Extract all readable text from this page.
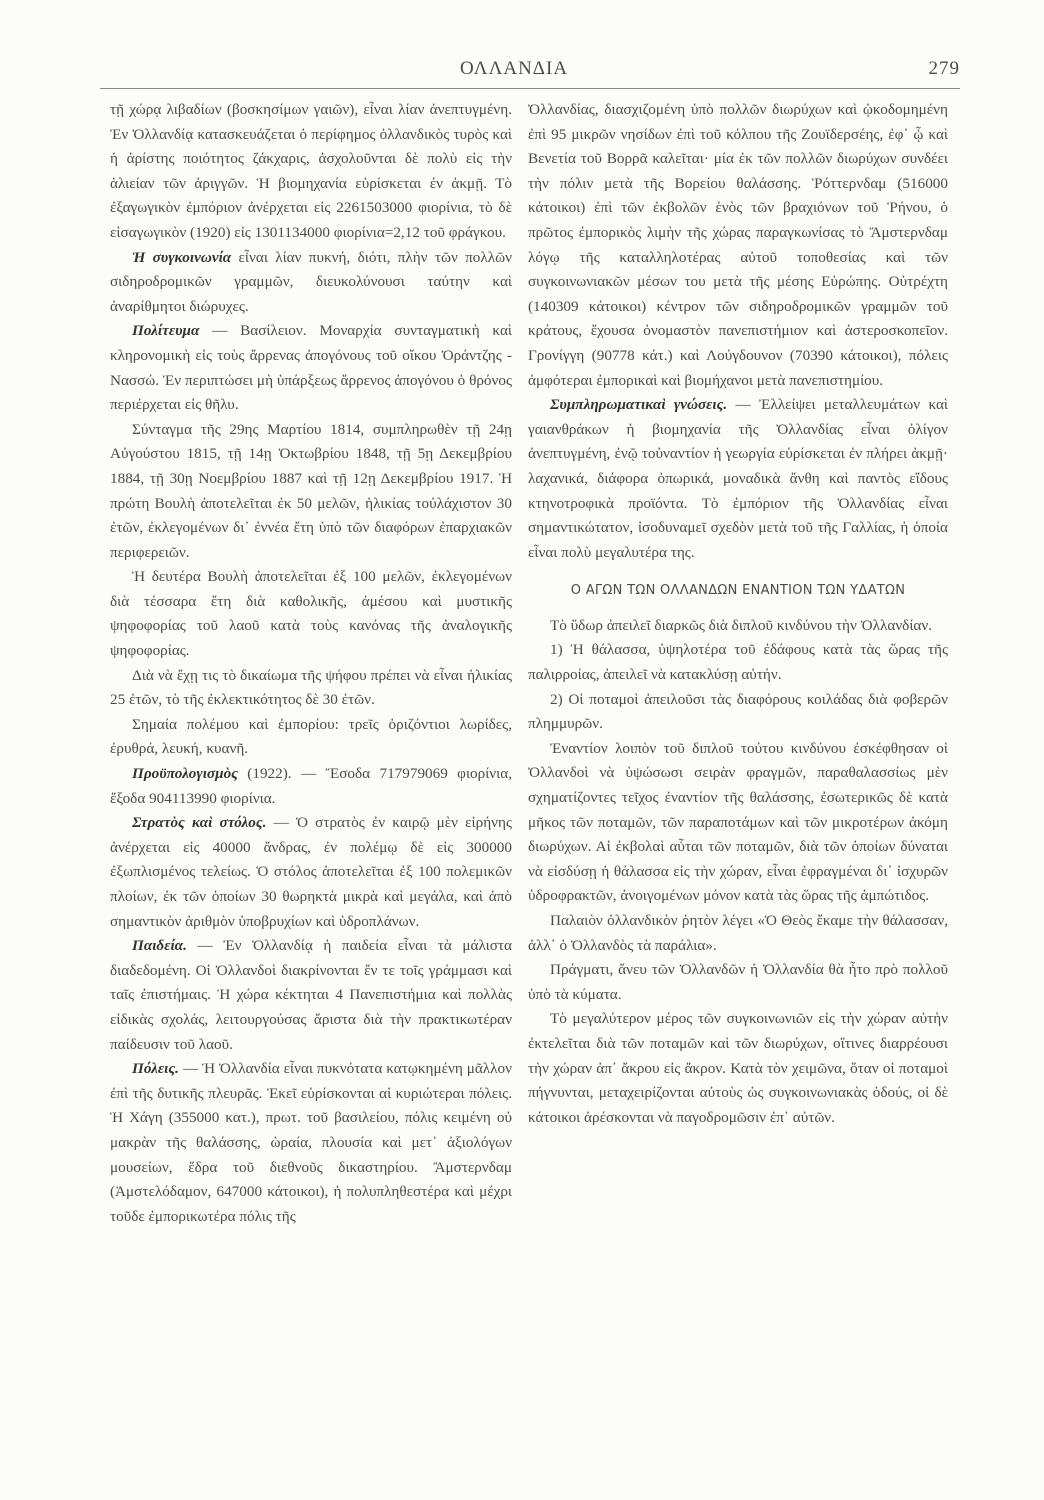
ΟΛΛΑΝΔΙΑ	279

τῇ χώρᾳ λιβαδίων (βοσκησίμων γαιῶν), εἶναι λίαν ἀνεπτυγμένη. Ἐν Ὀλλανδίᾳ κατασκευάζεται ὁ περίφημος ὀλλανδικὸς τυρὸς καὶ ἡ ἀρίστης ποιότητος ζάκχαρις, ἀσχολοῦνται δὲ πολὺ εἰς τὴν ἁλιείαν τῶν ἀριγγῶν. Ἡ βιομηχανία εὑρίσκεται ἐν ἀκμῇ. Τὸ ἐξαγωγικὸν ἐμπόριον ἀνέρχεται εἰς 2261503000 φιορίνια, τὸ δὲ εἰσαγωγικὸν (1920) εἰς 1301134000 φιορίνια=2,12 τοῦ φράγκου.

Ἡ συγκοινωνία εἶναι λίαν πυκνή, διότι, πλὴν τῶν πολλῶν σιδηροδρομικῶν γραμμῶν, διευκολύνουσι ταύτην καὶ ἀναρίθμητοι διώρυχες.

Πολίτευμα — Βασίλειον. Μοναρχία συνταγματικὴ καὶ κληρονομικὴ εἰς τοὺς ἄρρενας ἀπογόνους τοῦ οἴκου Ὀράντζης - Νασσώ. Ἐν περιπτώσει μὴ ὑπάρξεως ἄρρενος ἀπογόνου ὁ θρόνος περιέρχεται εἰς θῆλυ.

Σύνταγμα τῆς 29ης Μαρτίου 1814, συμπληρωθὲν τῇ 24ῃ Αὐγούστου 1815, τῇ 14ῃ Ὀκτωβρίου 1848, τῇ 5ῃ Δεκεμβρίου 1884, τῇ 30ῃ Νοεμβρίου 1887 καὶ τῇ 12ῃ Δεκεμβρίου 1917. Ἡ πρώτη Βουλὴ ἀποτελεῖται ἐκ 50 μελῶν, ἡλικίας τοὐλάχιστον 30 ἐτῶν, ἐκλεγομένων δι᾽ ἐννέα ἔτη ὑπὸ τῶν διαφόρων ἐπαρχιακῶν περιφερειῶν.

Ἡ δευτέρα Βουλὴ ἀποτελεῖται ἐξ 100 μελῶν, ἐκλεγομένων διὰ τέσσαρα ἔτη διὰ καθολικῆς, ἀμέσου καὶ μυστικῆς ψηφοφορίας τοῦ λαοῦ κατὰ τοὺς κανόνας τῆς ἀναλογικῆς ψηφοφορίας.

Διὰ νὰ ἔχῃ τις τὸ δικαίωμα τῆς ψήφου πρέπει νὰ εἶναι ἡλικίας 25 ἐτῶν, τὸ τῆς ἐκλεκτικότητος δὲ 30 ἐτῶν.

Σημαία πολέμου καὶ ἐμπορίου: τρεῖς ὁριζόντιοι λωρίδες, ἐρυθρά, λευκή, κυανῆ.

Προϋπολογισμὸς (1922). — Ἔσοδα 717979069 φιορίνια, ἔξοδα 904113990 φιορίνια.

Στρατὸς καὶ στόλος. — Ὁ στρατὸς ἐν καιρῷ μὲν εἰρήνης ἀνέρχεται εἰς 40000 ἄνδρας, ἐν πολέμῳ δὲ εἰς 300000 ἐξωπλισμένος τελείως. Ὁ στόλος ἀποτελεῖται ἐξ 100 πολεμικῶν πλοίων, ἐκ τῶν ὁποίων 30 θωρηκτὰ μικρὰ καὶ μεγάλα, καὶ ἀπὸ σημαντικὸν ἀριθμὸν ὑποβρυχίων καὶ ὑδροπλάνων.

Παιδεία. — Ἐν Ὀλλανδίᾳ ἡ παιδεία εἶναι τὰ μάλιστα διαδεδομένη. Οἱ Ὀλλανδοὶ διακρίνονται ἔν τε τοῖς γράμμασι καὶ ταῖς ἐπιστήμαις. Ἡ χώρα κέκτηται 4 Πανεπιστήμια καὶ πολλὰς εἰδικὰς σχολάς, λειτουργούσας ἄριστα διὰ τὴν πρακτικωτέραν παίδευσιν τοῦ λαοῦ.

Πόλεις. — Ἡ Ὀλλανδία εἶναι πυκνότατα κατῳκημένη μᾶλλον ἐπὶ τῆς δυτικῆς πλευρᾶς. Ἐκεῖ εὑρίσκονται αἱ κυριώτεραι πόλεις. Ἡ Χάγη (355000 κατ.), πρωτ. τοῦ βασιλείου, πόλις κειμένη οὐ μακρὰν τῆς θαλάσσης, ὡραία, πλουσία καὶ μετ᾽ ἀξιολόγων μουσείων, ἕδρα τοῦ διεθνοῦς δικαστηρίου. Ἄμστερνδαμ (Ἀμστελόδαμον, 647000 κάτοικοι), ἡ πολυπληθεστέρα καὶ μέχρι τοῦδε ἐμπορικωτέρα πόλις τῆς

Ὀλλανδίας, διασχιζομένη ὑπὸ πολλῶν διωρύχων καὶ ᾠκοδομημένη ἐπὶ 95 μικρῶν νησίδων ἐπὶ τοῦ κόλπου τῆς Ζουϊδερσέης, ἐφ᾽ ᾧ καὶ Βενετία τοῦ Βορρᾶ καλεῖται· μία ἐκ τῶν πολλῶν διωρύχων συνδέει τὴν πόλιν μετὰ τῆς Βορείου θαλάσσης. Ῥόττερνδαμ (516000 κάτοικοι) ἐπὶ τῶν ἐκβολῶν ἑνὸς τῶν βραχιόνων τοῦ Ῥήνου, ὁ πρῶτος ἐμπορικὸς λιμὴν τῆς χώρας παραγκωνίσας τὸ Ἄμστερνδαμ λόγῳ τῆς καταλληλοτέρας αὐτοῦ τοποθεσίας καὶ τῶν συγκοινωνιακῶν μέσων του μετὰ τῆς μέσης Εὐρώπης. Οὐτρέχτη (140309 κάτοικοι) κέντρον τῶν σιδηροδρομικῶν γραμμῶν τοῦ κράτους, ἔχουσα ὀνομαστὸν πανεπιστήμιον καὶ ἀστεροσκοπεῖον. Γρονίγγη (90778 κάτ.) καὶ Λούγδουνον (70390 κάτοικοι), πόλεις ἀμφότεραι ἐμπορικαὶ καὶ βιομήχανοι μετὰ πανεπιστημίου.

Συμπληρωματικαὶ γνώσεις. — Ἐλλείψει μεταλλευμάτων καὶ γαιανθράκων ἡ βιομηχανία τῆς Ὀλλανδίας εἶναι ὀλίγον ἀνεπτυγμένη, ἐνῷ τοὐναντίον ἡ γεωργία εὑρίσκεται ἐν πλήρει ἀκμῇ· λαχανικά, διάφορα ὀπωρικά, μοναδικὰ ἄνθη καὶ παντὸς εἴδους κτηνοτροφικὰ προϊόντα. Τὸ ἐμπόριον τῆς Ὀλλανδίας εἶναι σημαντικώτατον, ἰσοδυναμεῖ σχεδὸν μετὰ τοῦ τῆς Γαλλίας, ἡ ὁποία εἶναι πολὺ μεγαλυτέρα της.

Ο ΑΓΩΝ ΤΩΝ ΟΛΛΑΝΔΩΝ ΕΝΑΝΤΙΟΝ ΤΩΝ ΥΔΑΤΩΝ

Τὸ ὕδωρ ἀπειλεῖ διαρκῶς διὰ διπλοῦ κινδύνου τὴν Ὀλλανδίαν.

1) Ἡ θάλασσα, ὑψηλοτέρα τοῦ ἐδάφους κατὰ τὰς ὥρας τῆς παλιρροίας, ἀπειλεῖ νὰ κατακλύσῃ αὐτήν.

2) Οἱ ποταμοὶ ἀπειλοῦσι τὰς διαφόρους κοιλάδας διὰ φοβερῶν πλημμυρῶν.

Ἐναντίον λοιπὸν τοῦ διπλοῦ τούτου κινδύνου ἐσκέφθησαν οἱ Ὀλλανδοὶ νὰ ὑψώσωσι σειρὰν φραγμῶν, παραθαλασσίως μὲν σχηματίζοντες τεῖχος ἐναντίον τῆς θαλάσσης, ἐσωτερικῶς δὲ κατὰ μῆκος τῶν ποταμῶν, τῶν παραποτάμων καὶ τῶν μικροτέρων ἀκόμη διωρύχων. Αἱ ἐκβολαὶ αὗται τῶν ποταμῶν, διὰ τῶν ὁποίων δύναται νὰ εἰσδύσῃ ἡ θάλασσα εἰς τὴν χώραν, εἶναι ἐφραγμέναι δι᾽ ἰσχυρῶν ὑδροφρακτῶν, ἀνοιγομένων μόνον κατὰ τὰς ὥρας τῆς ἀμπώτιδος.

Παλαιὸν ὀλλανδικὸν ῥητὸν λέγει «Ὁ Θεὸς ἔκαμε τὴν θάλασσαν, ἀλλ᾽ ὁ Ὀλλανδὸς τὰ παράλια».

Πράγματι, ἄνευ τῶν Ὀλλανδῶν ἡ Ὀλλανδία θὰ ἦτο πρὸ πολλοῦ ὑπὸ τὰ κύματα.

Τὸ μεγαλύτερον μέρος τῶν συγκοινωνιῶν εἰς τὴν χώραν αὐτὴν ἐκτελεῖται διὰ τῶν ποταμῶν καὶ τῶν διωρύχων, οἵτινες διαρρέουσι τὴν χώραν ἀπ᾽ ἄκρου εἰς ἄκρον. Κατὰ τὸν χειμῶνα, ὅταν οἱ ποταμοὶ πήγνυνται, μεταχειρίζονται αὐτοὺς ὡς συγκοινωνιακὰς ὁδούς, οἱ δὲ κάτοικοι ἀρέσκονται νὰ παγοδρομῶσιν ἐπ᾽ αὐτῶν.
